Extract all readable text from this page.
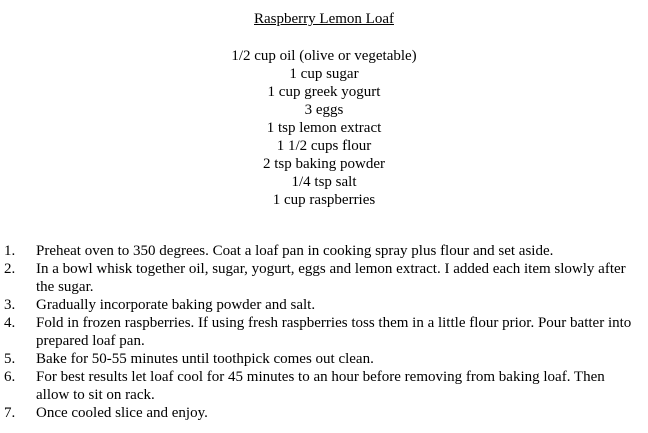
Raspberry Lemon Loaf
1/2 cup oil (olive or vegetable)
1 cup sugar
1 cup greek yogurt
3 eggs
1 tsp lemon extract
1 1/2 cups flour
2 tsp baking powder
1/4 tsp salt
1 cup raspberries
1. Preheat oven to 350 degrees. Coat a loaf pan in cooking spray plus flour and set aside.
2. In a bowl whisk together oil, sugar, yogurt, eggs and lemon extract. I added each item slowly after the sugar.
3. Gradually incorporate baking powder and salt.
4. Fold in frozen raspberries. If using fresh raspberries toss them in a little flour prior. Pour batter into prepared loaf pan.
5. Bake for 50-55 minutes until toothpick comes out clean.
6. For best results let loaf cool for 45 minutes to an hour before removing from baking loaf. Then allow to sit on rack.
7. Once cooled slice and enjoy.
